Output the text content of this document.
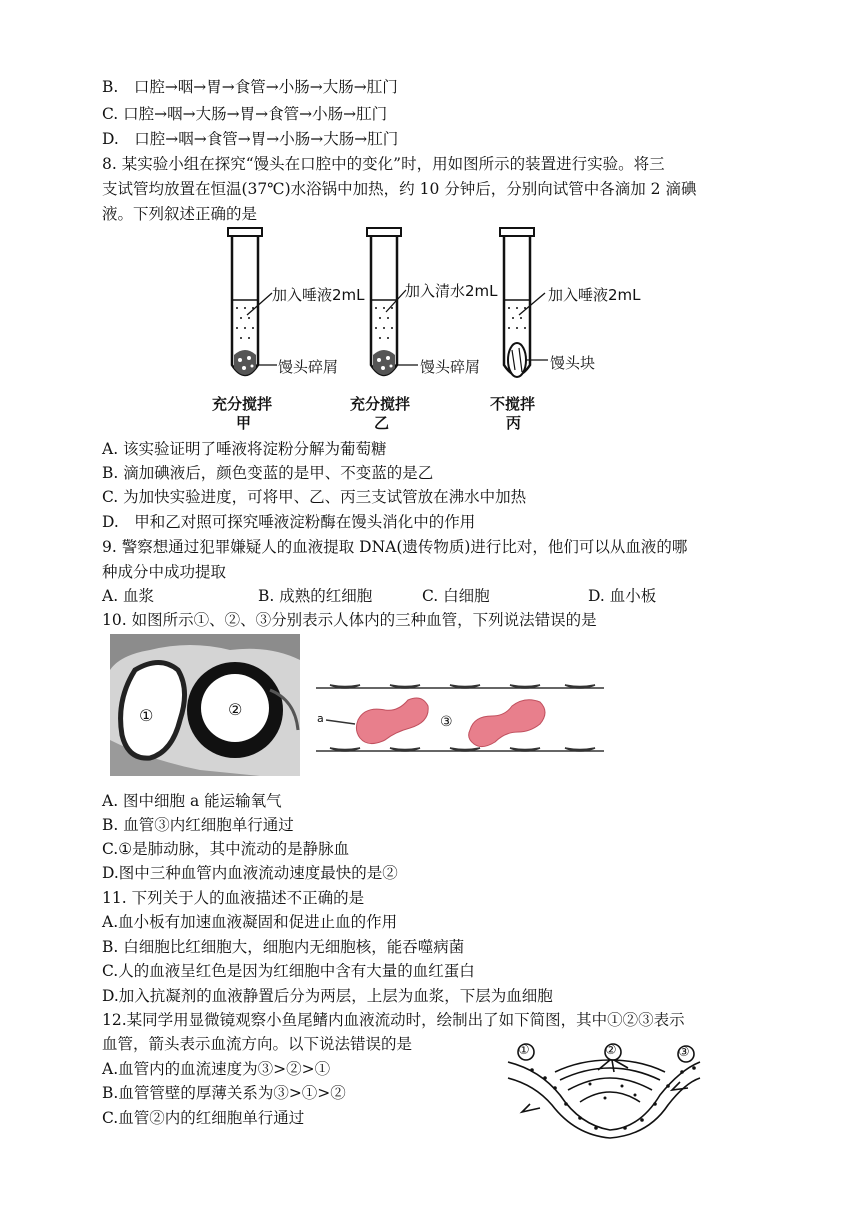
B.　口腔→咽→胃→食管→小肠→大肠→肛门
C. 口腔→咽→大肠→胃→食管→小肠→肛门
D.　口腔→咽→食管→胃→小肠→大肠→肛门
8. 某实验小组在探究“馒头在口腔中的变化”时，用如图所示的装置进行实验。将三
支试管均放置在恒温(37℃)水浴锅中加热，约 10 分钟后，分别向试管中各滴加 2 滴碘
液。下列叙述正确的是
加入唾液2mL
馒头碎屑
充分搅拌
甲
加入清水2mL
馒头碎屑
充分搅拌
乙
加入唾液2mL
馒头块
不搅拌
丙
A. 该实验证明了唾液将淀粉分解为葡萄糖
B. 滴加碘液后，颜色变蓝的是甲、不变蓝的是乙
C. 为加快实验进度，可将甲、乙、丙三支试管放在沸水中加热
D.　甲和乙对照可探究唾液淀粉酶在馒头消化中的作用
9. 警察想通过犯罪嫌疑人的血液提取 DNA(遗传物质)进行比对，他们可以从血液的哪
种成分中成功提取
A. 血浆	B. 成熟的红细胞	C. 白细胞	D. 血小板
10. 如图所示①、②、③分别表示人体内的三种血管，下列说法错误的是
①	②
③
a
A. 图中细胞 a 能运输氧气
B. 血管③内红细胞单行通过
C.①是肺动脉，其中流动的是静脉血
D.图中三种血管内血液流动速度最快的是②
11. 下列关于人的血液描述不正确的是
A.血小板有加速血液凝固和促进止血的作用
B. 白细胞比红细胞大，细胞内无细胞核，能吞噬病菌
C.人的血液呈红色是因为红细胞中含有大量的血红蛋白
D.加入抗凝剂的血液静置后分为两层，上层为血浆，下层为血细胞
12.某同学用显微镜观察小鱼尾鳍内血液流动时，绘制出了如下简图，其中①②③表示
血管，箭头表示血流方向。以下说法错误的是
A.血管内的血流速度为③>②>①
B.血管管壁的厚薄关系为③>①>②
C.血管②内的红细胞单行通过
①	②	③
